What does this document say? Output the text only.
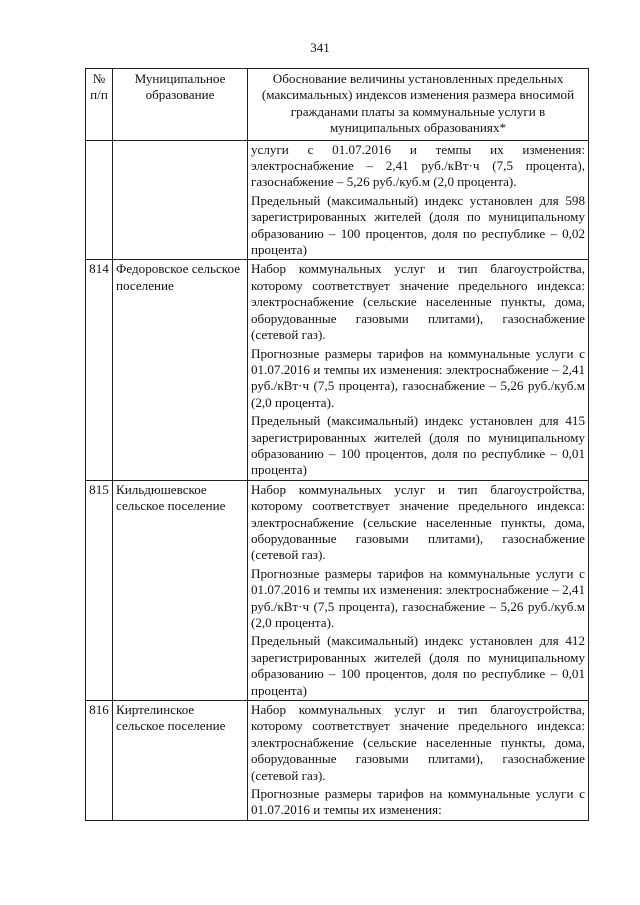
341
№ п/п	Муниципальное образование	Обоснование величины установленных предельных (максимальных) индексов изменения размера вносимой гражданами платы за коммунальные услуги в муниципальных образованиях*

		услуги с 01.07.2016 и темпы их изменения: электроснабжение – 2,41 руб./кВт·ч (7,5 процента), газоснабжение – 5,26 руб./куб.м (2,0 процента).

Предельный (максимальный) индекс установлен для 598 зарегистрированных жителей (доля по муниципальному образованию – 100 процентов, доля по республике – 0,02 процента)

814	Федоровское сельское поселение	Набор коммунальных услуг и тип благоустройства, которому соответствует значение предельного индекса: электроснабжение (сельские населенные пункты, дома, оборудованные газовыми плитами), газоснабжение (сетевой газ).

Прогнозные размеры тарифов на коммунальные услуги с 01.07.2016 и темпы их изменения: электроснабжение – 2,41 руб./кВт·ч (7,5 процента), газоснабжение – 5,26 руб./куб.м (2,0 процента).

Предельный (максимальный) индекс установлен для 415 зарегистрированных жителей (доля по муниципальному образованию – 100 процентов, доля по республике – 0,01 процента)

815	Кильдюшевское сельское поселение	Набор коммунальных услуг и тип благоустройства, которому соответствует значение предельного индекса: электроснабжение (сельские населенные пункты, дома, оборудованные газовыми плитами), газоснабжение (сетевой газ).

Прогнозные размеры тарифов на коммунальные услуги с 01.07.2016 и темпы их изменения: электроснабжение – 2,41 руб./кВт·ч (7,5 процента), газоснабжение – 5,26 руб./куб.м (2,0 процента).

Предельный (максимальный) индекс установлен для 412 зарегистрированных жителей (доля по муниципальному образованию – 100 процентов, доля по республике – 0,01 процента)

816	Киртелинское сельское поселение	Набор коммунальных услуг и тип благоустройства, которому соответствует значение предельного индекса: электроснабжение (сельские населенные пункты, дома, оборудованные газовыми плитами), газоснабжение (сетевой газ).

Прогнозные размеры тарифов на коммунальные услуги с 01.07.2016 и темпы их изменения:
